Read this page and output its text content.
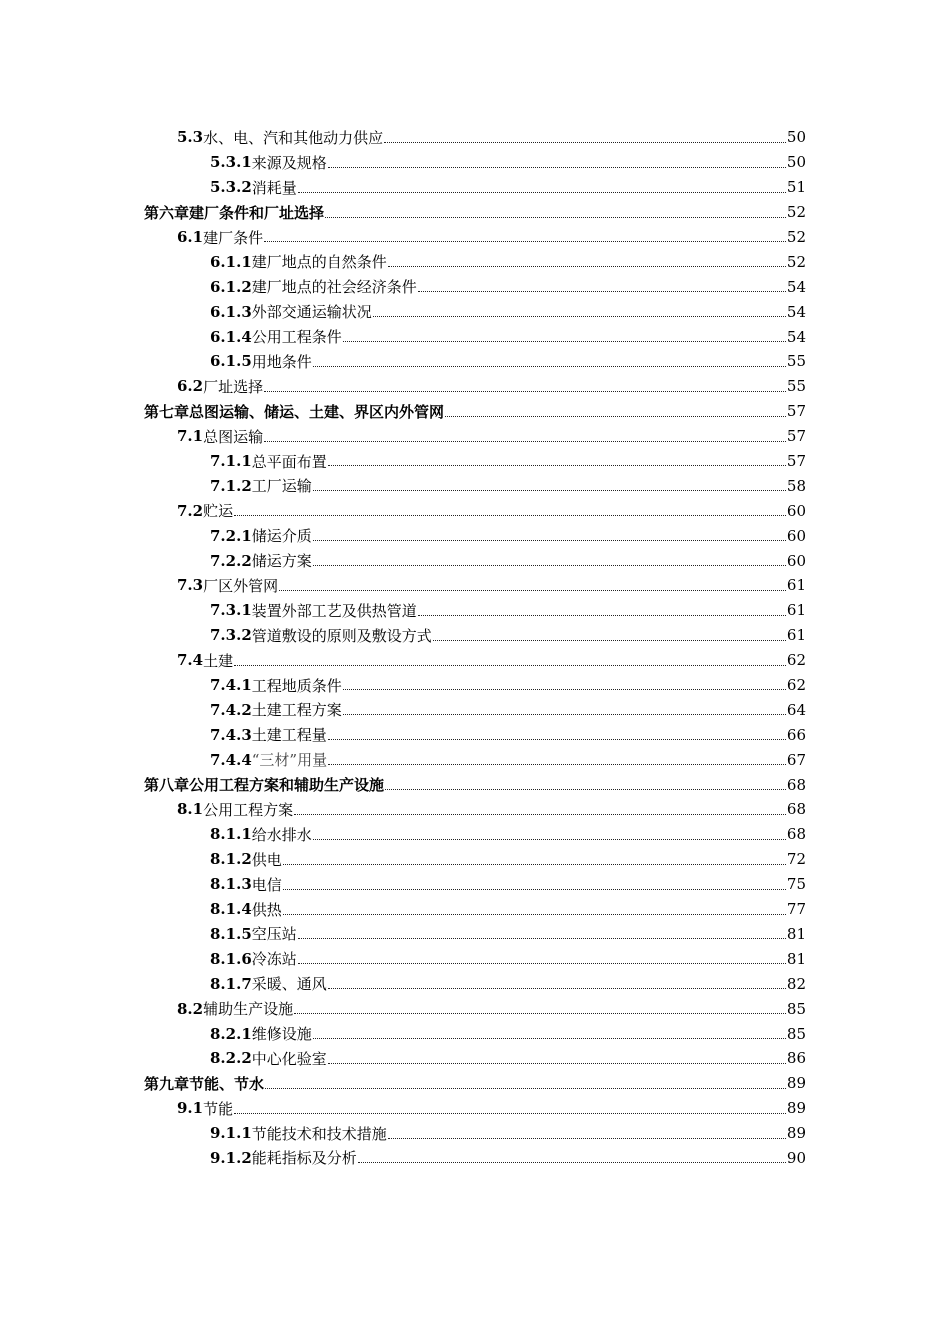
5.3 水、电、汽和其他动力供应	50
5.3.1 来源及规格	50
5.3.2 消耗量	51
第六章 建厂条件和厂址选择	52
6.1 建厂条件	52
6.1.1 建厂地点的自然条件	52
6.1.2 建厂地点的社会经济条件	54
6.1.3 外部交通运输状况	54
6.1.4 公用工程条件	54
6.1.5 用地条件	55
6.2 厂址选择	55
第七章 总图运输、储运、土建、界区内外管网	57
7.1 总图运输	57
7.1.1 总平面布置	57
7.1.2 工厂运输	58
7.2 贮运	60
7.2.1 储运介质	60
7.2.2 储运方案	60
7.3 厂区外管网	61
7.3.1 装置外部工艺及供热管道	61
7.3.2 管道敷设的原则及敷设方式	61
7.4 土建	62
7.4.1 工程地质条件	62
7.4.2 土建工程方案	64
7.4.3 土建工程量	66
7.4.4 “三材”用量	67
第八章 公用工程方案和辅助生产设施	68
8.1 公用工程方案	68
8.1.1 给水排水	68
8.1.2 供电	72
8.1.3 电信	75
8.1.4 供热	77
8.1.5 空压站	81
8.1.6 冷冻站	81
8.1.7 采暖、通风	82
8.2 辅助生产设施	85
8.2.1 维修设施	85
8.2.2 中心化验室	86
第九章 节能、节水	89
9.1 节能	89
9.1.1 节能技术和技术措施	89
9.1.2 能耗指标及分析	90
